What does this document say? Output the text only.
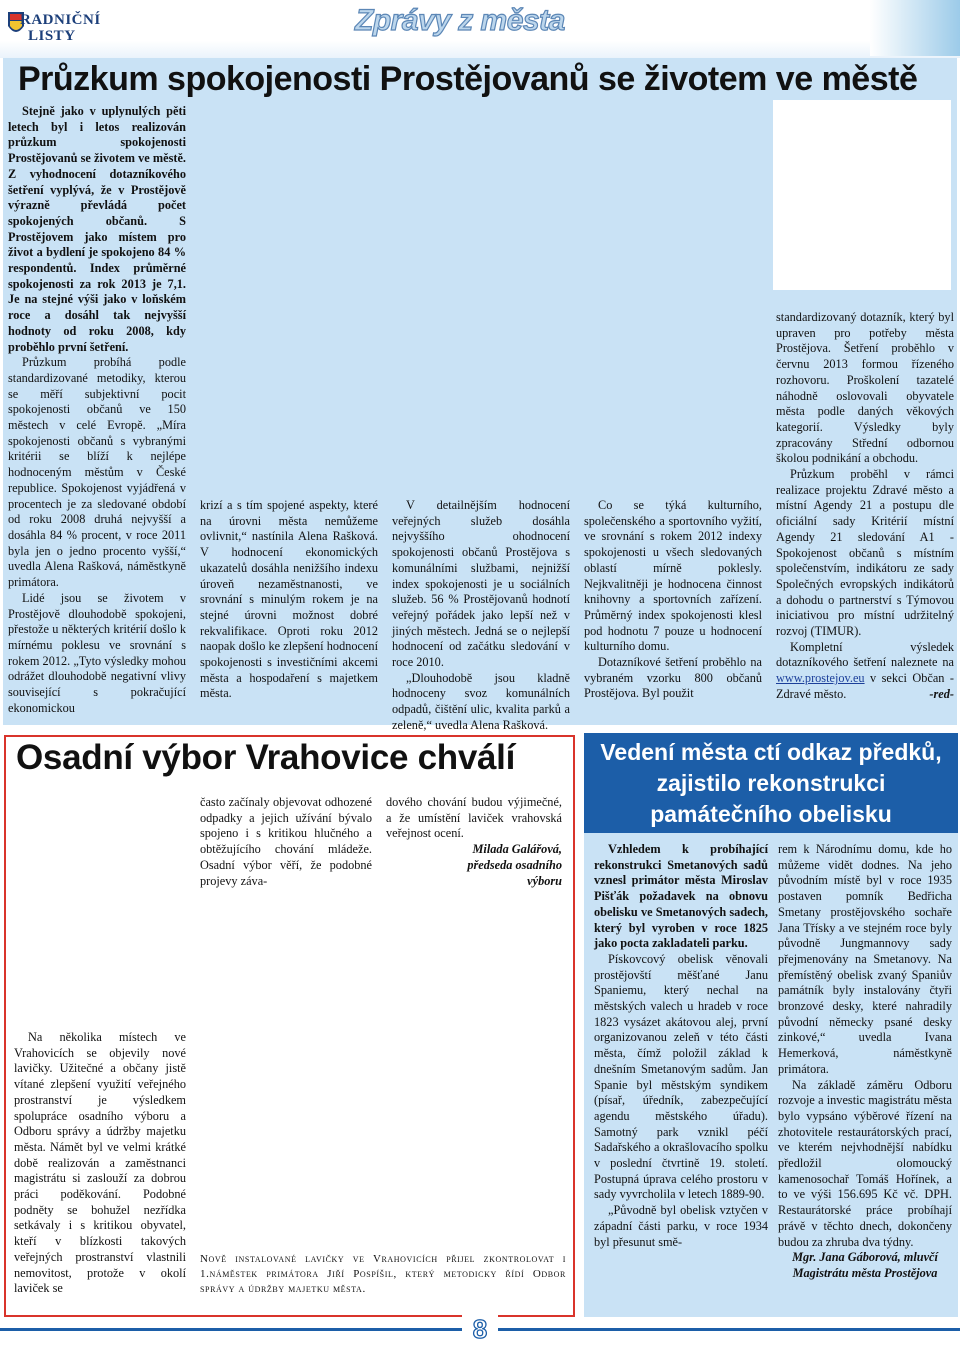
RADNIČNÍ
LISTY	Zprávy z města
Průzkum spokojenosti Prostějovanů se životem ve městě

Stejně jako v uplynulých pěti letech byl i letos realizován průzkum spokojenosti Prostějovanů se životem ve městě. Z vyhodnocení dotazníkového šetření vyplývá, že v Prostějově výrazně převládá počet spokojených občanů. S Prostějovem jako místem pro život a bydlení je spokojeno 84 % respondentů. Index průměrné spokojenosti za rok 2013 je 7,1. Je na stejné výši jako v loňském roce a dosáhl tak nejvyšší hodnoty od roku 2008, kdy proběhlo první šetření.

Průzkum probíhá podle standardizované metodiky, kterou se měří subjektivní pocit spokojenosti občanů ve 150 městech v celé Evropě. „Míra spokojenosti občanů s vybranými kritérii se blíží k nejlépe hodnoceným městům v České republice. Spokojenost vyjádřená v procentech je za sledované období od roku 2008 druhá nejvyšší a dosáhla 84 % procent, v roce 2011 byla jen o jedno procento vyšší,“ uvedla Alena Rašková, náměstkyně primátora.

Lidé jsou se životem v Prostějově dlouhodobě spokojeni, přestože u některých kritérií došlo k mírnému poklesu ve srovnání s rokem 2012. „Tyto výsledky mohou odrážet dlouhodobě negativní vlivy související s pokračující ekonomickou

krizí a s tím spojené aspekty, které na úrovni města nemůžeme ovlivnit,“ nastínila Alena Rašková. V hodnocení ekonomických ukazatelů dosáhla nenižšího indexu úroveň nezaměstnanosti, ve srovnání s minulým rokem je na stejné úrovni možnost dobré rekvalifikace. Oproti roku 2012 naopak došlo ke zlepšení hodnocení spokojenosti s investičními akcemi města a hospodaření s majetkem města.

V detailnějším hodnocení veřejných služeb dosáhla nejvyššího ohodnocení spokojenosti občanů Prostějova s komunálními službami, nejnižší index spokojenosti je u sociálních služeb. 56 % Prostějovanů hodnotí veřejný pořádek jako lepší než v jiných městech. Jedná se o nejlepší hodnocení od začátku sledování v roce 2010.

„Dlouhodobě jsou kladně hodnoceny svoz komunálních odpadů, čištění ulic, kvalita parků a zeleně,“ uvedla Alena Rašková.

Co se týká kulturního, společenského a sportovního vyžití, ve srovnání s rokem 2012 indexy spokojenosti u všech sledovaných oblastí mírně poklesly. Nejkvalitněji je hodnocena činnost knihovny a sportovních zařízení. Průměrný index spokojenosti klesl pod hodnotu 7 pouze u hodnocení kulturního domu.

Dotazníkové šetření proběhlo na vybraném vzorku 800 občanů Prostějova. Byl použit

standardizovaný dotazník, který byl upraven pro potřeby města Prostějova. Šetření proběhlo v červnu 2013 formou řízeného rozhovoru. Proškolení tazatelé náhodně oslovovali obyvatele města podle daných věkových kategorií. Výsledky byly zpracovány Střední odbornou školou podnikání a obchodu.

Průzkum proběhl v rámci realizace projektu Zdravé město a místní Agendy 21 a postupu dle oficiální sady Kritérií místní Agendy 21 sledování A1 - Spokojenost občanů s místním společenstvím, indikátoru ze sady Společných evropských indikátorů a dohodu o partnerství s Týmovou iniciativou pro místní udržitelný rozvoj (TIMUR).

Kompletní výsledek dotazníkového šetření naleznete na www.prostejov.eu v sekci Občan - Zdravé město.	-red-

Osadní výbor Vrahovice chválí

Na několika místech ve Vrahovicích se objevily nové lavičky. Užitečné a občany jistě vítané zlepšení využití veřejného prostranství je výsledkem spolupráce osadního výboru a Odboru správy a údržby majetku města. Námět byl ve velmi krátké době realizován a zaměstnanci magistrátu si zaslouží za dobrou práci poděkování. Podobné podněty se bohužel nezřídka setkávaly i s kritikou obyvatel, kteří v blízkosti takových veřejných prostranství vlastnili nemovitost, protože v okolí laviček se

často začínaly objevovat odhozené odpadky a jejich užívání bývalo spojeno i s kritikou hlučného a obtěžujícího chování mládeže. Osadní výbor věří, že podobné projevy záva-

dového chování budou výjimečné, a že umístění laviček vrahovská veřejnost ocení.

Milada Galářová,
předseda osadního výboru
Nově instalované lavičky ve Vrahovicích přijel zkontrolovat i 1.náměstek primátora Jiří Pospíšil, který metodicky řídí Odbor správy a údržby majetku města.
Vedení města ctí odkaz předků, zajistilo rekonstrukci památečního obelisku

Vzhledem k probíhající rekonstrukci Smetanových sadů vznesl primátor města Miroslav Pišťák požadavek na obnovu obelisku ve Smetanových sadech, který byl vyroben v roce 1825 jako pocta zakladateli parku.

Pískovcový obelisk věnovali prostějovští měšťané Janu Spaniemu, který nechal na městských valech u hradeb v roce 1823 vysázet akátovou alej, první organizovanou zeleň v této části města, čímž položil základ k dnešním Smetanovým sadům. Jan Spanie byl městským syndikem (písař, úředník, zabezpečující agendu městského úřadu). Samotný park vznikl péčí Sadařského a okrašlovacího spolku v poslední čtvrtině 19. století. Postupná úprava celého prostoru v sady vyvrcholila v letech 1889-90.

„Původně byl obelisk vztyčen v západní části parku, v roce 1934 byl přesunut smě-

rem k Národnímu domu, kde ho můžeme vidět dodnes. Na jeho původním místě byl v roce 1935 postaven pomník Bedřicha Smetany prostějovského sochaře Jana Třísky a ve stejném roce byly původně Jungmannovy sady přejmenovány na Smetanovy. Na přemístěný obelisk zvaný Spaniův památník byly instalovány čtyři bronzové desky, které nahradily původní německy psané desky zinkové,“ uvedla Ivana Hemerková, náměstkyně primátora.

Na základě záměru Odboru rozvoje a investic magistrátu města bylo vypsáno výběrové řízení na zhotovitele restaurátorských prací, ve kterém nejvhodnější nabídku předložil olomoucký kamenosochař Tomáš Hořínek, a to ve výši 156.695 Kč vč. DPH. Restaurátorské práce probíhají právě v těchto dnech, dokončeny budou za zhruba dva týdny.

Mgr. Jana Gáborová, mluvčí Magistrátu města Prostějova
8
